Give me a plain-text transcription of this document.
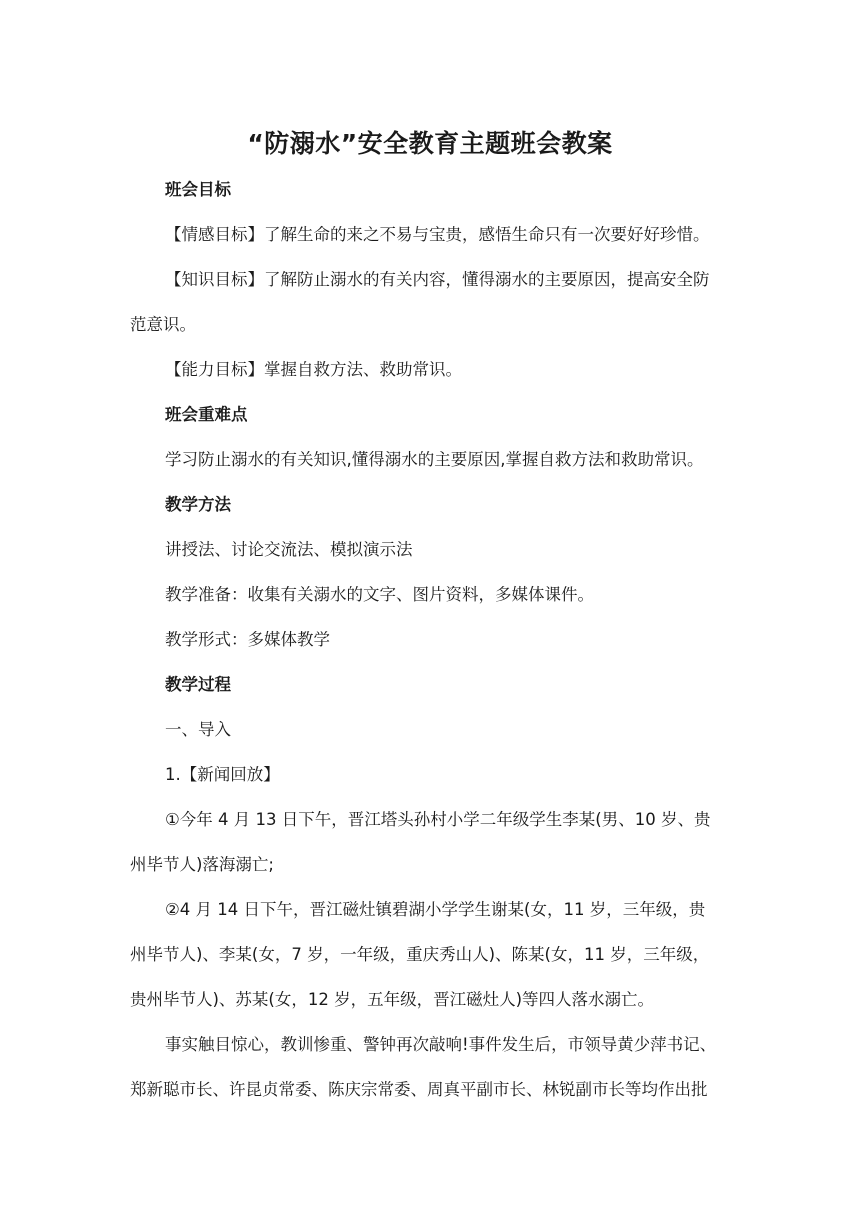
“防溺水”安全教育主题班会教案
班会目标
【情感目标】了解生命的来之不易与宝贵，感悟生命只有一次要好好珍惜。
【知识目标】了解防止溺水的有关内容，懂得溺水的主要原因，提高安全防
范意识。
【能力目标】掌握自救方法、救助常识。
班会重难点
学习防止溺水的有关知识,懂得溺水的主要原因,掌握自救方法和救助常识。
教学方法
讲授法、讨论交流法、模拟演示法
教学准备：收集有关溺水的文字、图片资料，多媒体课件。
教学形式：多媒体教学
教学过程
一、导入
1.【新闻回放】
①今年 4 月 13 日下午，晋江塔头孙村小学二年级学生李某(男、10 岁、贵
州毕节人)落海溺亡;
②4 月 14 日下午，晋江磁灶镇碧湖小学学生谢某(女，11 岁，三年级，贵
州毕节人)、李某(女，7 岁，一年级，重庆秀山人)、陈某(女，11 岁，三年级，
贵州毕节人)、苏某(女，12 岁，五年级，晋江磁灶人)等四人落水溺亡。
事实触目惊心，教训惨重、警钟再次敲响!事件发生后，市领导黄少萍书记、
郑新聪市长、许昆贞常委、陈庆宗常委、周真平副市长、林锐副市长等均作出批
